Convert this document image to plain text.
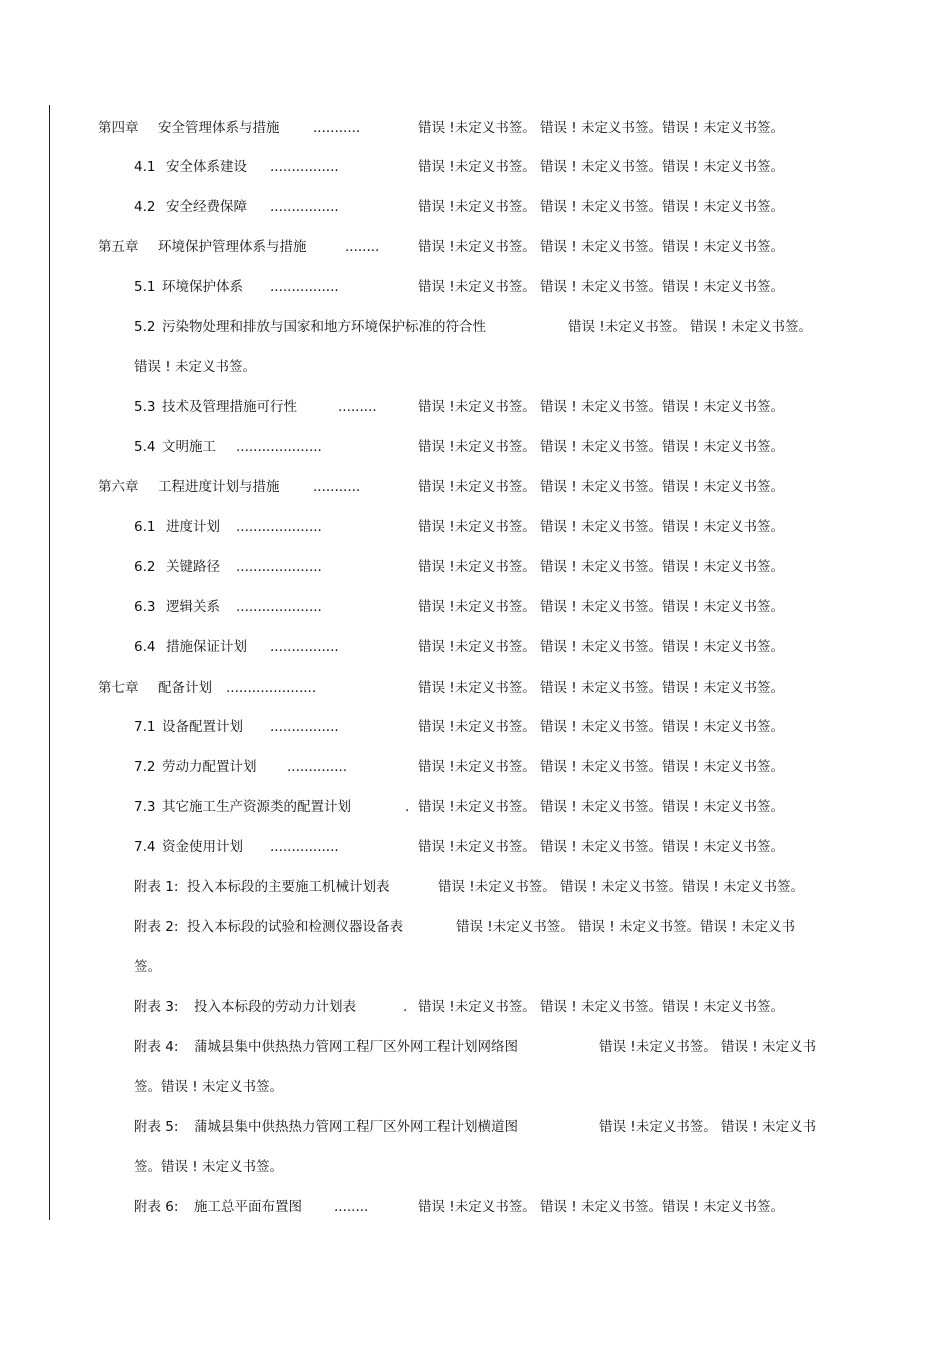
第四章 安全管理体系与措施 ...........	错误 !未定义书签。 错误 ! 未定义书签。错误 ! 未定义书签。
4.1 安全体系建设 ................	错误 !未定义书签。 错误 ! 未定义书签。错误 ! 未定义书签。
4.2 安全经费保障 ................	错误 !未定义书签。 错误 ! 未定义书签。错误 ! 未定义书签。
第五章 环境保护管理体系与措施	........	错误 !未定义书签。 错误 ! 未定义书签。错误 ! 未定义书签。
5.1 环境保护体系 ................	错误 !未定义书签。 错误 ! 未定义书签。错误 ! 未定义书签。
5.2 污染物处理和排放与国家和地方环境保护标准的符合性	错误 !未定义书签。 错误 ! 未定义书签。
错误 ! 未定义书签。
5.3 技术及管理措施可行性	.........	错误 !未定义书签。 错误 ! 未定义书签。错误 ! 未定义书签。
5.4 文明施工 ....................	错误 !未定义书签。 错误 ! 未定义书签。错误 ! 未定义书签。
第六章 工程进度计划与措施 ...........	错误 !未定义书签。 错误 ! 未定义书签。错误 ! 未定义书签。
6.1 进度计划 ....................	错误 !未定义书签。 错误 ! 未定义书签。错误 ! 未定义书签。
6.2 关键路径 ....................	错误 !未定义书签。 错误 ! 未定义书签。错误 ! 未定义书签。
6.3 逻辑关系 ....................	错误 !未定义书签。 错误 ! 未定义书签。错误 ! 未定义书签。
6.4 措施保证计划 ................	错误 !未定义书签。 错误 ! 未定义书签。错误 ! 未定义书签。
第七章 配备计划 .....................	错误 !未定义书签。 错误 ! 未定义书签。错误 ! 未定义书签。
7.1 设备配置计划 ................	错误 !未定义书签。 错误 ! 未定义书签。错误 ! 未定义书签。
7.2 劳动力配置计划 ..............	错误 !未定义书签。 错误 ! 未定义书签。错误 ! 未定义书签。
7.3 其它施工生产资源类的配置计划	. 错误 !未定义书签。 错误 ! 未定义书签。错误 ! 未定义书签。
7.4 资金使用计划 ................	错误 !未定义书签。 错误 ! 未定义书签。错误 ! 未定义书签。
附表 1: 投入本标段的主要施工机械计划表	错误 !未定义书签。 错误 ! 未定义书签。错误 ! 未定义书签。
附表 2: 投入本标段的试验和检测仪器设备表	错误 !未定义书签。 错误 ! 未定义书签。错误 ! 未定义书
签。
附表 3: 投入本标段的劳动力计划表	. 错误 !未定义书签。 错误 ! 未定义书签。错误 ! 未定义书签。
附表 4: 蒲城县集中供热热力管网工程厂区外网工程计划网络图	错误 !未定义书签。 错误 ! 未定义书
签。错误 ! 未定义书签。
附表 5: 蒲城县集中供热热力管网工程厂区外网工程计划横道图	错误 !未定义书签。 错误 ! 未定义书
签。错误 ! 未定义书签。
附表 6: 施工总平面布置图 ........	错误 !未定义书签。 错误 ! 未定义书签。错误 ! 未定义书签。
